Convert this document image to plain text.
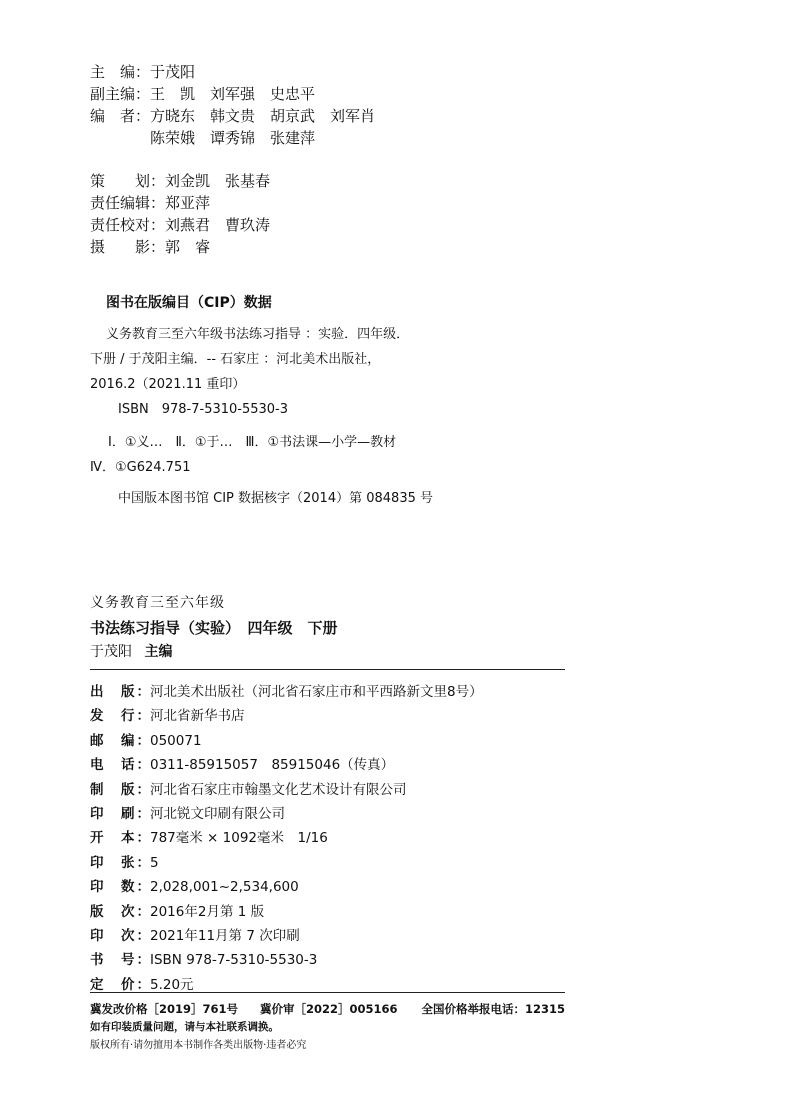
主　编： 于茂阳
副主编： 王　凯　刘军强　史忠平
编　者： 方晓东　韩文贵　胡京武　刘军肖
陈荣娥　谭秀锦　张建萍
策　　划： 刘金凯　张基春
责任编辑： 郑亚萍
责任校对： 刘燕君　曹玖涛
摄　　影： 郭　睿
图书在版编目（CIP）数据
义务教育三至六年级书法练习指导 ：实验．四年级．
下册 / 于茂阳主编．-- 石家庄 ：河北美术出版社，
2016.2（2021.11 重印）
ISBN　978-7-5310-5530-3
Ⅰ．①义…　Ⅱ．①于…　Ⅲ．①书法课—小学—教材
Ⅳ．①G624.751
中国版本图书馆 CIP 数据核字（2014）第 084835 号
义务教育三至六年级
书法练习指导（实验）　四年级　下册
于茂阳 主编
出　版： 河北美术出版社（河北省石家庄市和平西路新文里8号）
发　行： 河北省新华书店
邮　编： 050071
电　话： 0311-85915057　85915046（传真）
制　版： 河北省石家庄市翰墨文化艺术设计有限公司
印　刷： 河北锐文印刷有限公司
开　本： 787毫米 × 1092毫米　1/16
印　张： 5
印　数： 2,028,001~2,534,600
版　次： 2016年2月第 1 版
印　次： 2021年11月第 7 次印刷
书　号： ISBN 978-7-5310-5530-3
定　价： 5.20元
冀发改价格［2019］761号 冀价审［2022］005166 全国价格举报电话：12315
如有印装质量问题，请与本社联系调换。
版权所有·请勿擅用本书制作各类出版物·违者必究
